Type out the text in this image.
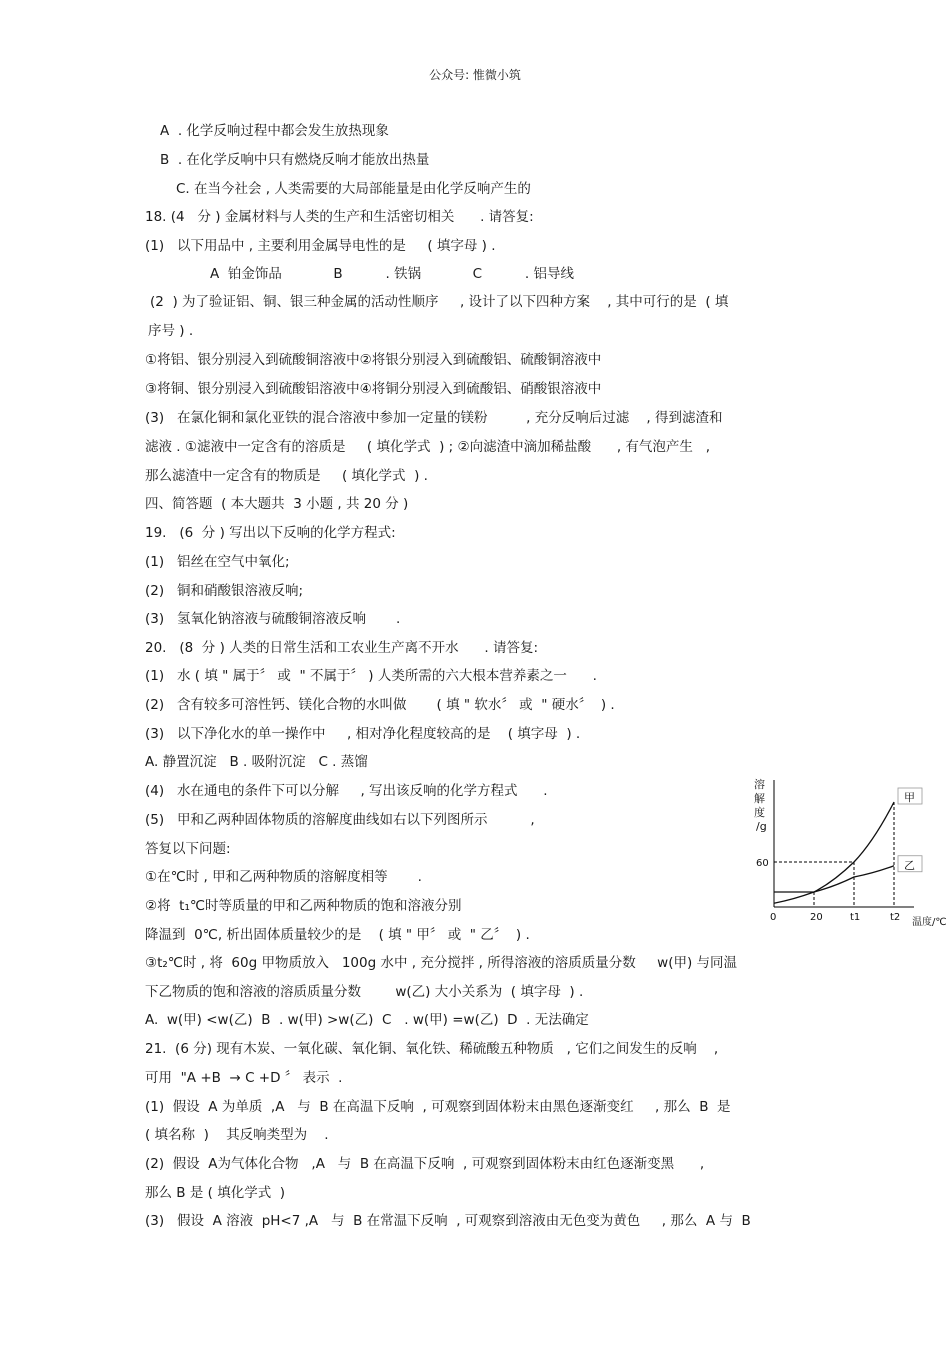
公众号: 惟微小筑
A  . 化学反响过程中都会发生放热现象
B  . 在化学反响中只有燃烧反响才能放出热量
C. 在当今社会 , 人类需要的大局部能量是由化学反响产生的
18. (4   分 ) 金属材料与人类的生产和生活密切相关      . 请答复:
(1)   以下用品中 , 主要利用金属导电性的是     ( 填字母 ) .
A  铂金饰品            B          . 铁锅            C          . 铝导线
(2  ) 为了验证铝、铜、银三种金属的活动性顺序     , 设计了以下四种方案    , 其中可行的是  ( 填
序号 ) .
①将铝、银分别浸入到硫酸铜溶液中②将银分别浸入到硫酸铝、硫酸铜溶液中
③将铜、银分别浸入到硫酸铝溶液中④将铜分别浸入到硫酸铝、硝酸银溶液中
(3)   在氯化铜和氯化亚铁的混合溶液中参加一定量的镁粉         , 充分反响后过滤    , 得到滤渣和
滤液 . ①滤液中一定含有的溶质是     ( 填化学式  ) ; ②向滤渣中滴加稀盐酸      , 有气泡产生   ,
那么滤渣中一定含有的物质是     ( 填化学式  ) .
四、简答题  ( 本大题共  3 小题 , 共 20 分 )
19.   (6  分 ) 写出以下反响的化学方程式:
(1)   铝丝在空气中氧化;
(2)   铜和硝酸银溶液反响;
(3)   氢氧化钠溶液与硫酸铜溶液反响       .
20.   (8  分 ) 人类的日常生活和工农业生产离不开水      . 请答复:
(1)   水 ( 填 " 属于〞 或  " 不属于〞 ) 人类所需的六大根本营养素之一      .
(2)   含有较多可溶性钙、镁化合物的水叫做       ( 填 " 软水〞 或  " 硬水〞  ) .
(3)   以下净化水的单一操作中     , 相对净化程度较高的是    ( 填字母  ) .
A. 静置沉淀   B . 吸附沉淀   C . 蒸馏
(4)   水在通电的条件下可以分解     , 写出该反响的化学方程式      .
(5)   甲和乙两种固体物质的溶解度曲线如右以下列图所示          ,
答复以下问题:
①在℃时 , 甲和乙两种物质的溶解度相等       .
②将  t₁℃时等质量的甲和乙两种物质的饱和溶液分别
降温到  0℃, 析出固体质量较少的是    ( 填 " 甲〞 或  " 乙〞  ) .
③t₂℃时 , 将  60g 甲物质放入   100g 水中 , 充分搅拌 , 所得溶液的溶质质量分数     w(甲) 与同温
下乙物质的饱和溶液的溶质质量分数        w(乙) 大小关系为  ( 填字母  ) .
A.  w(甲) <w(乙)  B  . w(甲) >w(乙)  C   . w(甲) =w(乙)  D  . 无法确定
21.  (6 分) 现有木炭、一氧化碳、氧化铜、氧化铁、稀硫酸五种物质   , 它们之间发生的反响    ,
可用  "A +B  → C +D 〞 表示  .
(1)  假设  A 为单质  ,A   与  B 在高温下反响  , 可观察到固体粉末由黑色逐渐变红     , 那么  B  是
( 填名称  )    其反响类型为    .
(2)  假设  A为气体化合物   ,A   与  B 在高温下反响  , 可观察到固体粉末由红色逐渐变黑      ,
那么 B 是 ( 填化学式  )
(3)   假设  A 溶液  pH<7 ,A   与  B 在常温下反响  , 可观察到溶液由无色变为黄色     , 那么  A 与  B
溶
解
度
/g
温度/℃
0	20	t1	t2
60
甲
乙
